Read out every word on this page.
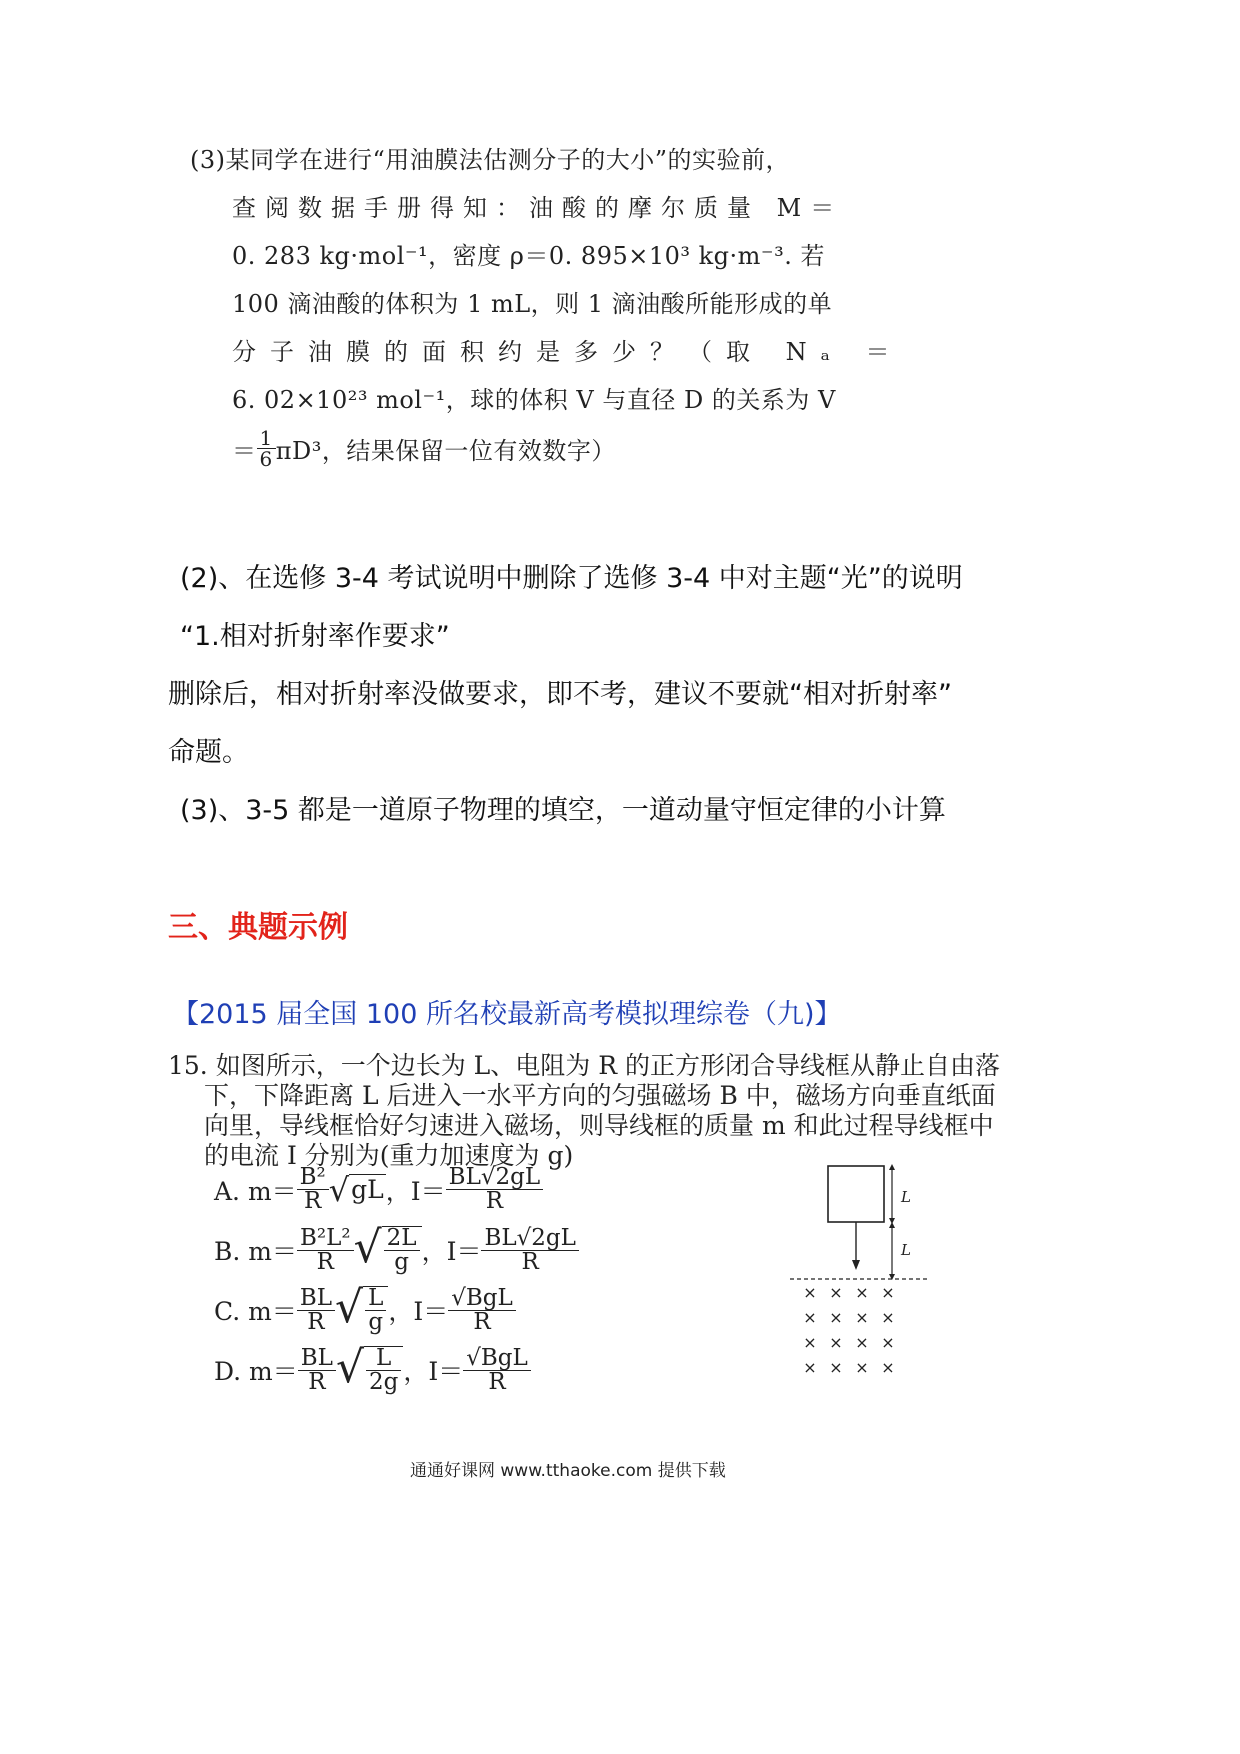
(3)某同学在进行“用油膜法估测分子的大小”的实验前，
查阅数据手册得知：油酸的摩尔质量 M＝
0. 283 kg·mol⁻¹，密度 ρ＝0. 895×10³ kg·m⁻³. 若
100 滴油酸的体积为 1 mL，则 1 滴油酸所能形成的单
分子油膜的面积约是多少？（取 Nₐ ＝
6. 02×10²³ mol⁻¹，球的体积 V 与直径 D 的关系为 V
＝ $\frac{1}{6} \pi D^3$，结果保留一位有效数字）
(2)、在选修 3-4 考试说明中删除了选修 3-4 中对主题“光”的说明
“1.相对折射率作要求”
删除后，相对折射率没做要求，即不考，建议不要就“相对折射率”
命题。
(3)、3-5 都是一道原子物理的填空，一道动量守恒定律的小计算
三、典题示例
【2015 届全国 100 所名校最新高考模拟理综卷（九)】
15. 如图所示，一个边长为 L、电阻为 R 的正方形闭合导线框从静止自由落
下，下降距离 L 后进入一水平方向的匀强磁场 B 中，磁场方向垂直纸面
向里，导线框恰好匀速进入磁场，则导线框的质量 m 和此过程导线框中
的电流 I 分别为(重力加速度为 g)
A. $m= \frac{\text{B²}}{R}$ √ gL ，$I= \frac{BL√2gL}{R}$
B. $m= \frac{\text{B²L²}}{R}$ √ $\frac{2L}{g}$ ，$I= \frac{BL√2gL}{R}$
C. $m= \frac{BL}{R}$ √ $\frac{L}{g}$ ，$I= \frac{\text{√BgL}}{R}$
D. $m= \frac{BL}{R}$ √ $\frac{L}{2g}$ ，$I= \frac{\text{√BgL}}{R}$
L
L
× × × ×
× × × ×
× × × ×
× × × ×
通通好课网 www.tthaoke.com 提供下载
